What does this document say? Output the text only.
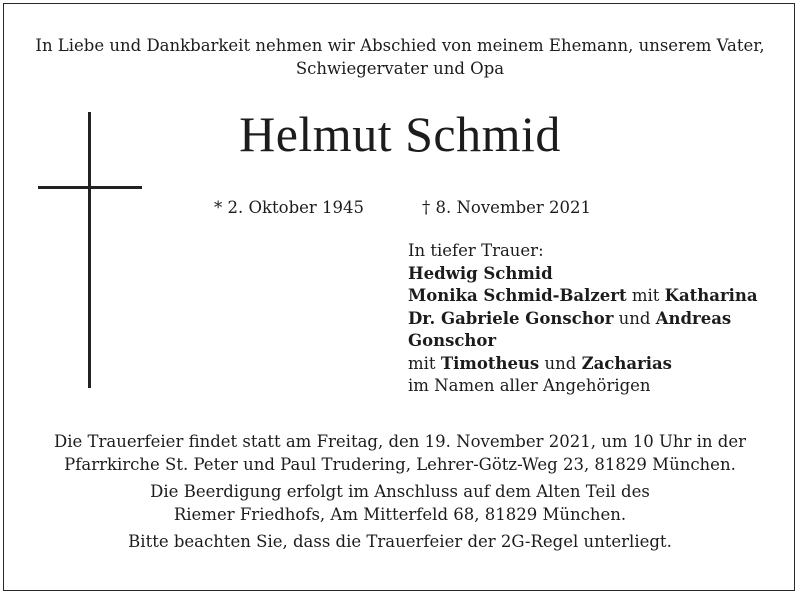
In Liebe und Dankbarkeit nehmen wir Abschied von meinem Ehemann, unserem Vater,
Schwiegervater und Opa
Helmut Schmid
* 2. Oktober 1945	† 8. November 2021
In tiefer Trauer:
Hedwig Schmid
Monika Schmid-Balzert mit Katharina
Dr. Gabriele Gonschor und Andreas
Gonschor
mit Timotheus und Zacharias
im Namen aller Angehörigen
Die Trauerfeier findet statt am Freitag, den 19. November 2021, um 10 Uhr in der
Pfarrkirche St. Peter und Paul Trudering, Lehrer-Götz-Weg 23, 81829 München.
Die Beerdigung erfolgt im Anschluss auf dem Alten Teil des
Riemer Friedhofs, Am Mitterfeld 68, 81829 München.
Bitte beachten Sie, dass die Trauerfeier der 2G-Regel unterliegt.
